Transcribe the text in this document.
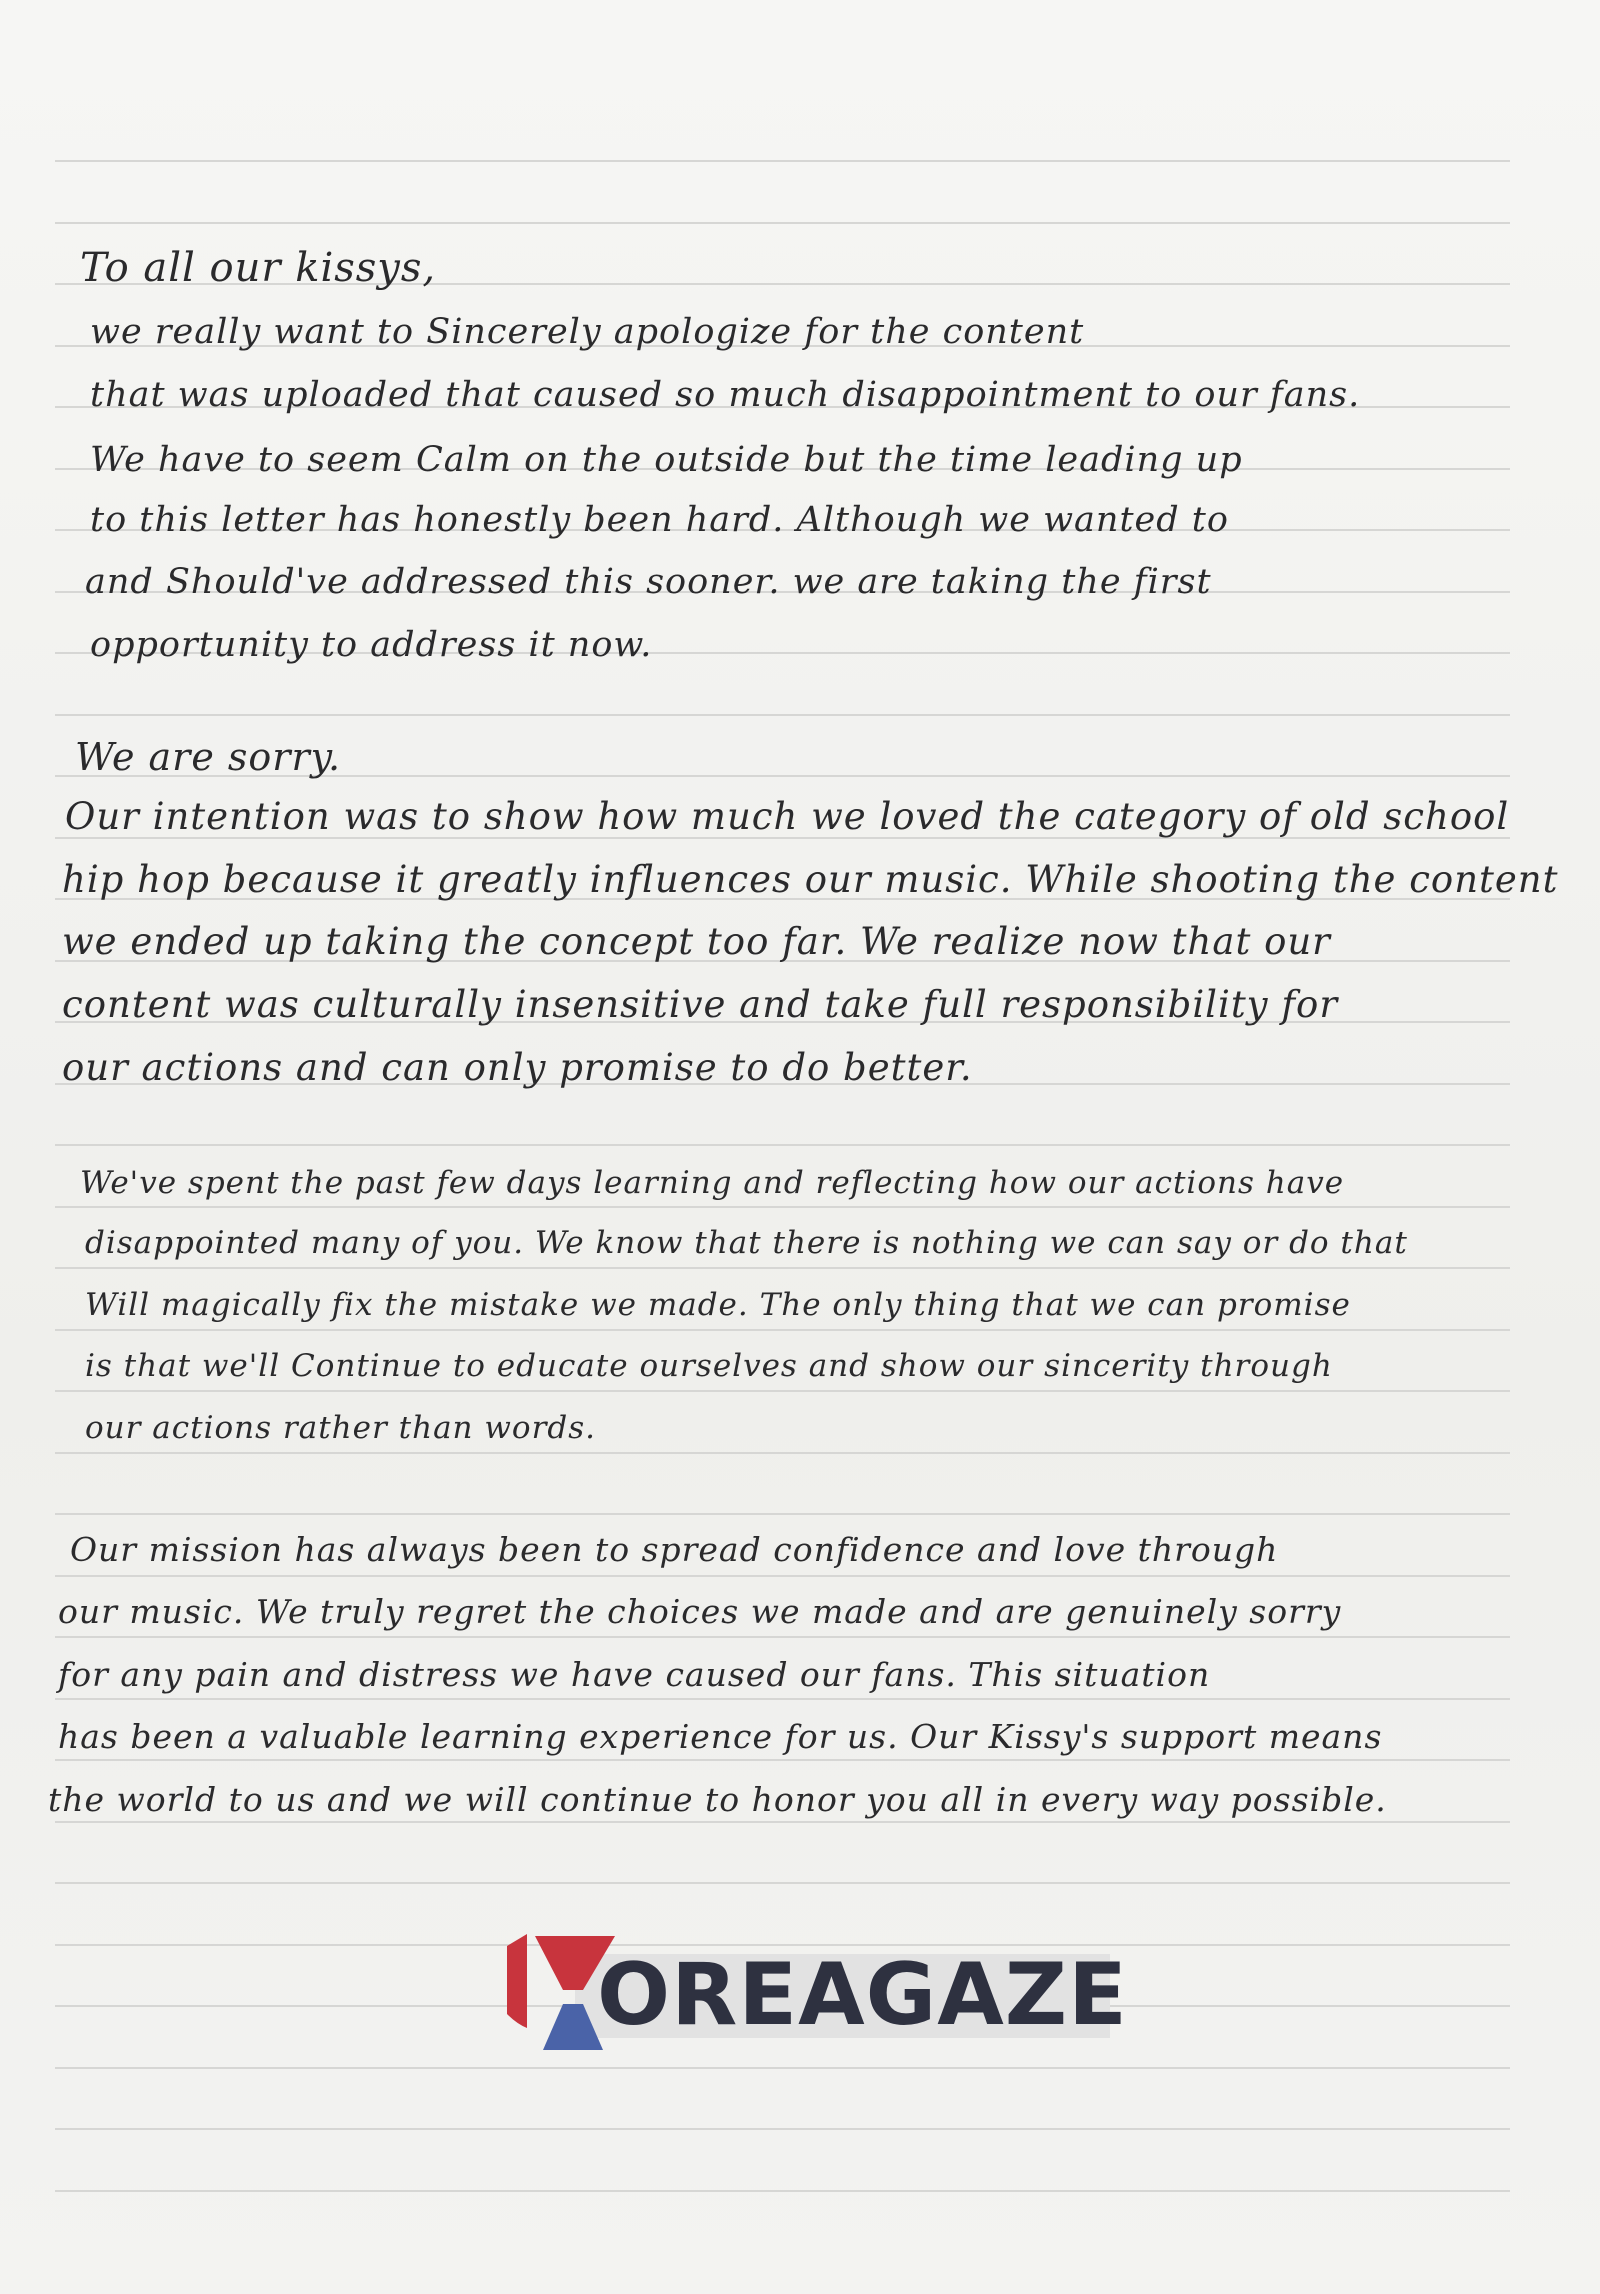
To all our kissys,
we really want to Sincerely apologize for the content
that was uploaded that caused so much disappointment to our fans.
We have to seem Calm on the outside but the time leading up
to this letter has honestly been hard. Although we wanted to
and Should've addressed this sooner. we are taking the first
opportunity to address it now.
We are sorry.
Our intention was to show how much we loved the category of old school
hip hop because it greatly influences our music. While shooting the content
we ended up taking the concept too far. We realize now that our
content was culturally insensitive and take full responsibility for
our actions and can only promise to do better.
We've spent the past few days learning and reflecting how our actions have
disappointed many of you. We know that there is nothing we can say or do that
Will magically fix the mistake we made. The only thing that we can promise
is that we'll Continue to educate ourselves and show our sincerity through
our actions rather than words.
Our mission has always been to spread confidence and love through
our music. We truly regret the choices we made and are genuinely sorry
for any pain and distress we have caused our fans. This situation
has been a valuable learning experience for us. Our Kissy's support means
the world to us and we will continue to honor you all in every way possible.
OREAGAZE
